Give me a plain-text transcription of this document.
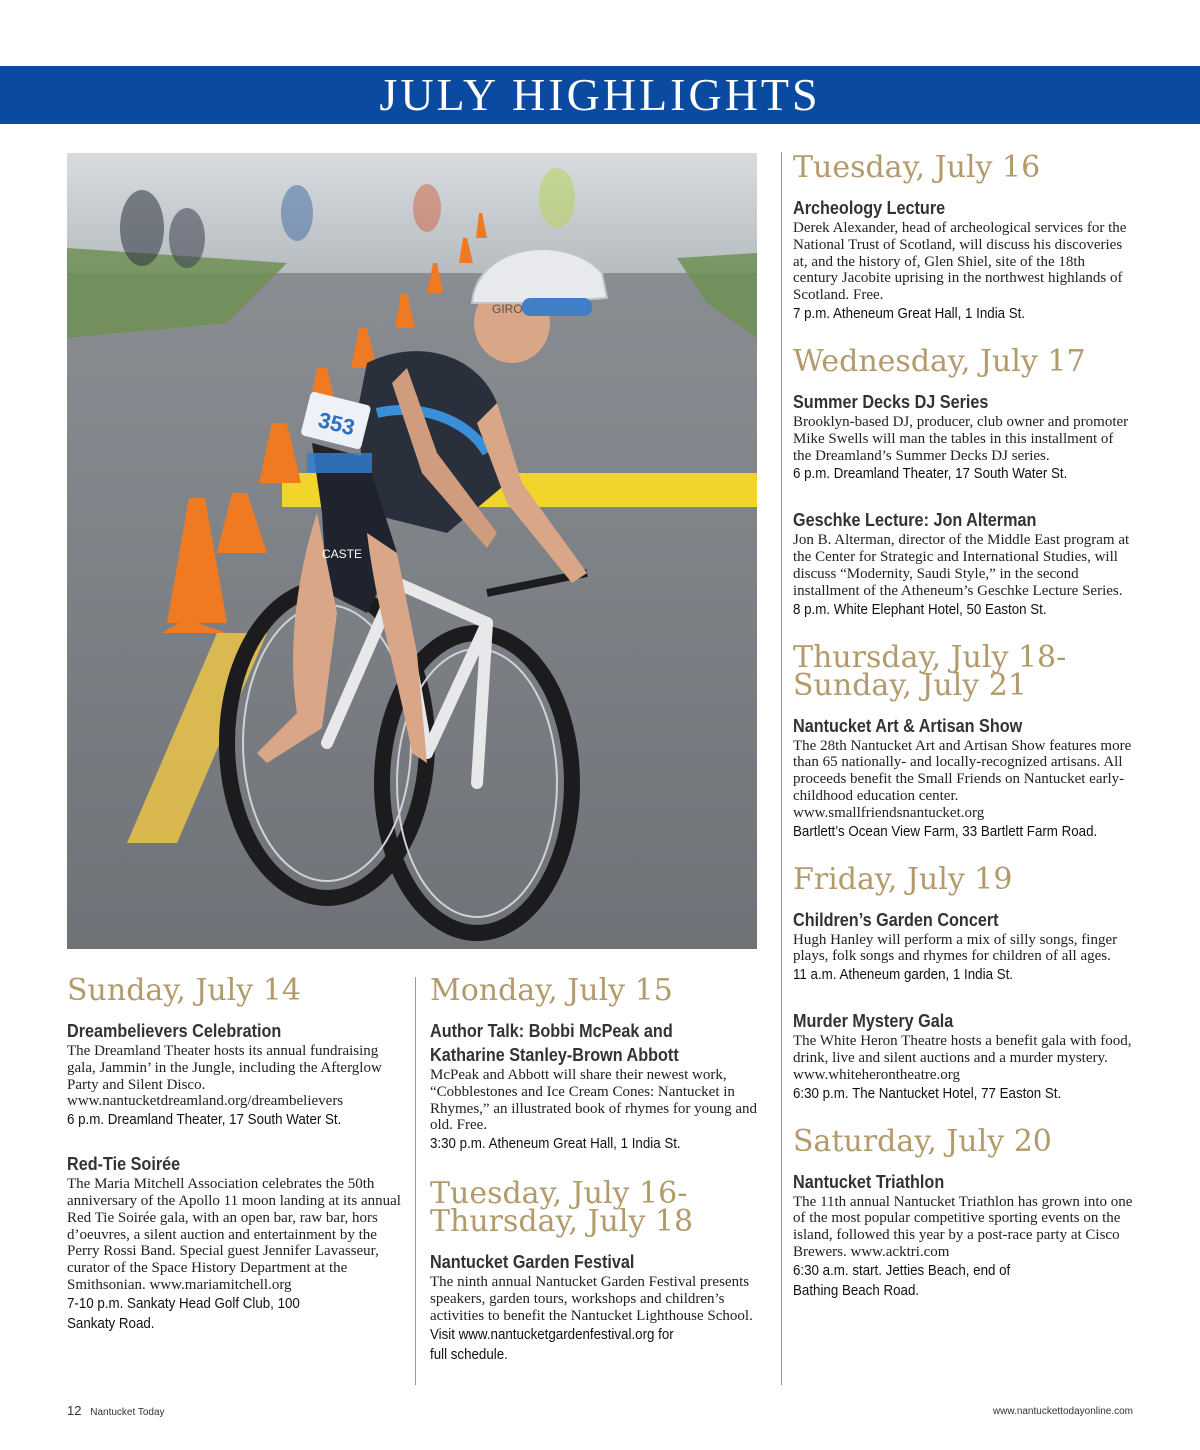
JULY HIGHLIGHTS
353
GIRO
CASTE
Sunday, July 14
Dreambelievers Celebration
The Dreamland Theater hosts its annual fundraising gala, Jammin’ in the Jungle, including the Afterglow Party and Silent Disco. www.nantucketdreamland.org/dreambelievers
6 p.m. Dreamland Theater, 17 South Water St.
Red-Tie Soirée
The Maria Mitchell Association celebrates the 50th anniversary of the Apollo 11 moon landing at its annual Red Tie Soirée gala, with an open bar, raw bar, hors d’oeuvres, a silent auction and entertainment by the Perry Rossi Band. Special guest Jennifer Lavasseur, curator of the Space History Department at the Smithsonian. www.mariamitchell.org
7-10 p.m. Sankaty Head Golf Club, 100 Sankaty Road.
Monday, July 15
Author Talk: Bobbi McPeak and Katharine Stanley-Brown Abbott
McPeak and Abbott will share their newest work, “Cobblestones and Ice Cream Cones: Nantucket in Rhymes,” an illustrated book of rhymes for young and old. Free.
3:30 p.m. Atheneum Great Hall, 1 India St.
Tuesday, July 16-Thursday, July 18
Nantucket Garden Festival
The ninth annual Nantucket Garden Festival presents speakers, garden tours, workshops and children’s activities to benefit the Nantucket Lighthouse School.
Visit www.nantucketgardenfestival.org for full schedule.
Tuesday, July 16
Archeology Lecture
Derek Alexander, head of archeological services for the National Trust of Scotland, will discuss his discoveries at, and the history of, Glen Shiel, site of the 18th century Jacobite uprising in the northwest highlands of Scotland. Free.
7 p.m. Atheneum Great Hall, 1 India St.
Wednesday, July 17
Summer Decks DJ Series
Brooklyn-based DJ, producer, club owner and promoter Mike Swells will man the tables in this installment of the Dreamland’s Summer Decks DJ series.
6 p.m. Dreamland Theater, 17 South Water St.
Geschke Lecture: Jon Alterman
Jon B. Alterman, director of the Middle East program at the Center for Strategic and International Studies, will discuss “Modernity, Saudi Style,” in the second installment of the Atheneum’s Geschke Lecture Series.
8 p.m. White Elephant Hotel, 50 Easton St.
Thursday, July 18-Sunday, July 21
Nantucket Art & Artisan Show
The 28th Nantucket Art and Artisan Show features more than 65 nationally- and locally-recognized artisans. All proceeds benefit the Small Friends on Nantucket early-childhood education center. www.smallfriendsnantucket.org
Bartlett’s Ocean View Farm, 33 Bartlett Farm Road.
Friday, July 19
Children’s Garden Concert
Hugh Hanley will perform a mix of silly songs, finger plays, folk songs and rhymes for children of all ages.
11 a.m. Atheneum garden, 1 India St.
Murder Mystery Gala
The White Heron Theatre hosts a benefit gala with food, drink, live and silent auctions and a murder mystery. www.whiteherontheatre.org
6:30 p.m. The Nantucket Hotel, 77 Easton St.
Saturday, July 20
Nantucket Triathlon
The 11th annual Nantucket Triathlon has grown into one of the most popular competitive sporting events on the island, followed this year by a post-race party at Cisco Brewers. www.acktri.com
6:30 a.m. start. Jetties Beach, end of Bathing Beach Road.
12 Nantucket Today	www.nantuckettodayonline.com
